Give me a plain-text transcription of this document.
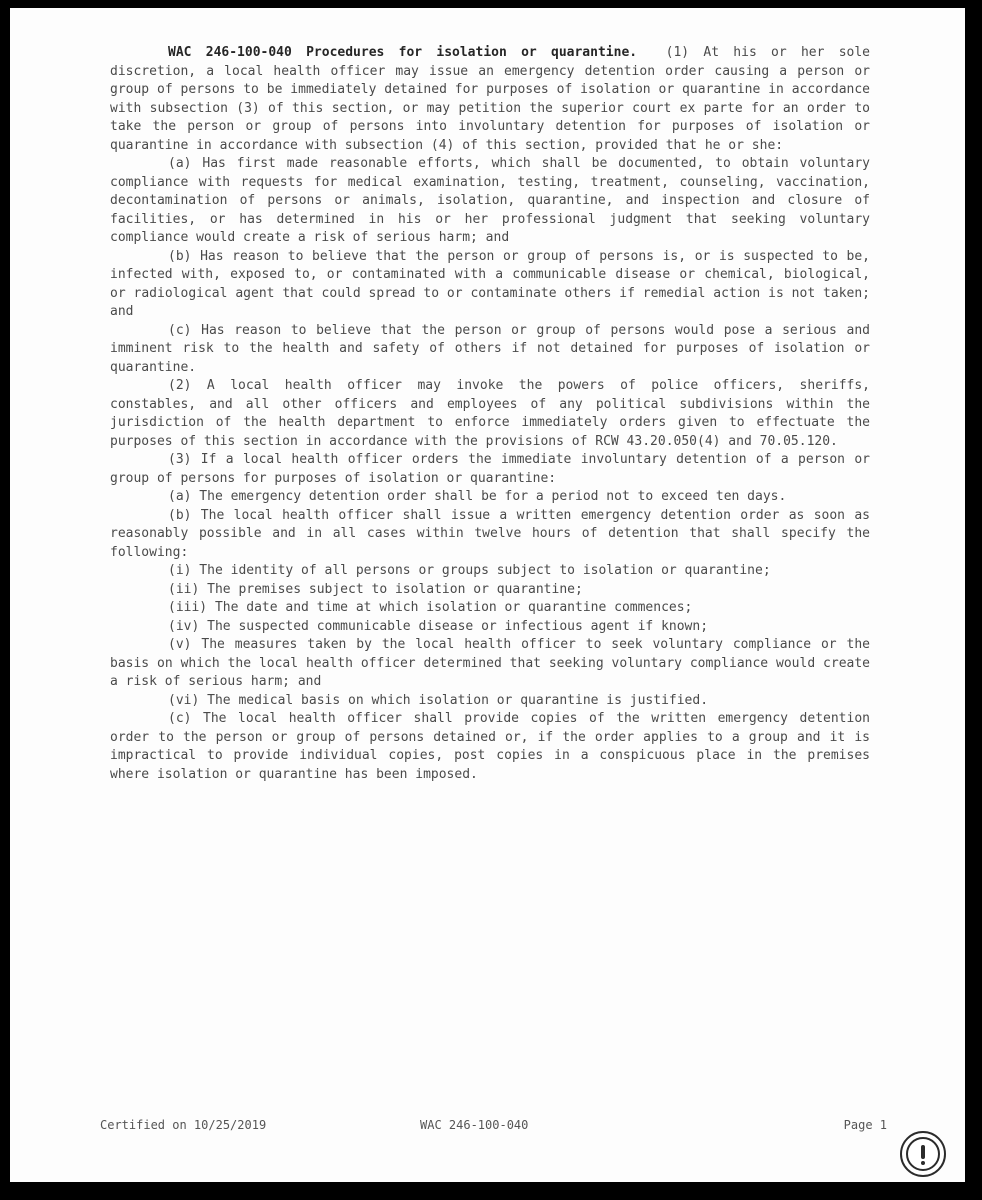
WAC 246-100-040 Procedures for isolation or quarantine. (1) At his or her sole discretion, a local health officer may issue an emergency detention order causing a person or group of persons to be immediately detained for purposes of isolation or quarantine in accordance with subsection (3) of this section, or may petition the superior court ex parte for an order to take the person or group of persons into involuntary detention for purposes of isolation or quarantine in accordance with subsection (4) of this section, provided that he or she:

(a) Has first made reasonable efforts, which shall be documented, to obtain voluntary compliance with requests for medical examination, testing, treatment, counseling, vaccination, decontamination of persons or animals, isolation, quarantine, and inspection and closure of facilities, or has determined in his or her professional judgment that seeking voluntary compliance would create a risk of serious harm; and

(b) Has reason to believe that the person or group of persons is, or is suspected to be, infected with, exposed to, or contaminated with a communicable disease or chemical, biological, or radiological agent that could spread to or contaminate others if remedial action is not taken; and

(c) Has reason to believe that the person or group of persons would pose a serious and imminent risk to the health and safety of others if not detained for purposes of isolation or quarantine.

(2) A local health officer may invoke the powers of police officers, sheriffs, constables, and all other officers and employees of any political subdivisions within the jurisdiction of the health department to enforce immediately orders given to effectuate the purposes of this section in accordance with the provisions of RCW 43.20.050(4) and 70.05.120.

(3) If a local health officer orders the immediate involuntary detention of a person or group of persons for purposes of isolation or quarantine:

(a) The emergency detention order shall be for a period not to exceed ten days.

(b) The local health officer shall issue a written emergency detention order as soon as reasonably possible and in all cases within twelve hours of detention that shall specify the following:

(i) The identity of all persons or groups subject to isolation or quarantine;

(ii) The premises subject to isolation or quarantine;

(iii) The date and time at which isolation or quarantine commences;

(iv) The suspected communicable disease or infectious agent if known;

(v) The measures taken by the local health officer to seek voluntary compliance or the basis on which the local health officer determined that seeking voluntary compliance would create a risk of serious harm; and

(vi) The medical basis on which isolation or quarantine is justified.

(c) The local health officer shall provide copies of the written emergency detention order to the person or group of persons detained or, if the order applies to a group and it is impractical to provide individual copies, post copies in a conspicuous place in the premises where isolation or quarantine has been imposed.

Certified on 10/25/2019	WAC 246-100-040	Page 1
